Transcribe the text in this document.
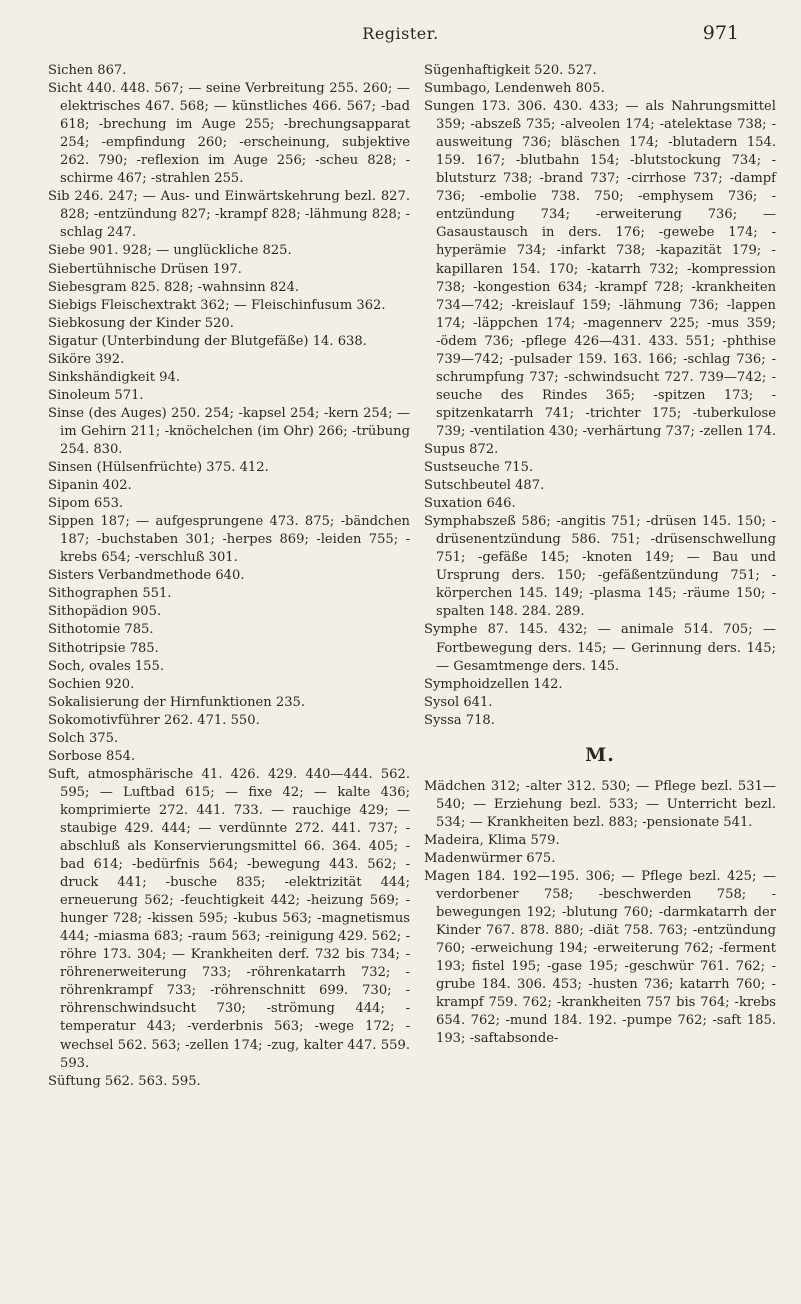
Register.	971

Sichen 867.

Sicht 440. 448. 567; — seine Verbreitung 255. 260; — elektrisches 467. 568; — künstliches 466. 567; -bad 618; -brechung im Auge 255; -brechungsapparat 254; -empfindung 260; -erscheinung, subjektive 262. 790; -reflexion im Auge 256; -scheu 828; -schirme 467; -strahlen 255.

Sib 246. 247; — Aus- und Einwärtskehrung bezl. 827. 828; -entzündung 827; -krampf 828; -lähmung 828; -schlag 247.

Siebe 901. 928; — unglückliche 825.

Siebertühnische Drüsen 197.

Siebesgram 825. 828; -wahnsinn 824.

Siebigs Fleischextrakt 362; — Fleischinfusum 362.

Siebkosung der Kinder 520.

Sigatur (Unterbindung der Blutgefäße) 14. 638.

Siköre 392.

Sinkshändigkeit 94.

Sinoleum 571.

Sinse (des Auges) 250. 254; -kapsel 254; -kern 254; — im Gehirn 211; -knöchelchen (im Ohr) 266; -trübung 254. 830.

Sinsen (Hülsenfrüchte) 375. 412.

Sipanin 402.

Sipom 653.

Sippen 187; — aufgesprungene 473. 875; -bändchen 187; -buchstaben 301; -herpes 869; -leiden 755; -krebs 654; -verschluß 301.

Sisters Verbandmethode 640.

Sithographen 551.

Sithopädion 905.

Sithotomie 785.

Sithotripsie 785.

Soch, ovales 155.

Sochien 920.

Sokalisierung der Hirnfunktionen 235.

Sokomotivführer 262. 471. 550.

Solch 375.

Sorbose 854.

Suft, atmosphärische 41. 426. 429. 440—444. 562. 595; — Luftbad 615; — fixe 42; — kalte 436; komprimierte 272. 441. 733. — rauchige 429; — staubige 429. 444; — verdünnte 272. 441. 737; -abschluß als Konservierungsmittel 66. 364. 405; -bad 614; -bedürfnis 564; -bewegung 443. 562; -druck 441; -busche 835; -elektrizität 444; erneuerung 562; -feuchtigkeit 442; -heizung 569; -hunger 728; -kissen 595; -kubus 563; -magnetismus 444; -miasma 683; -raum 563; -reinigung 429. 562; -röhre 173. 304; — Krankheiten derf. 732 bis 734; -röhrenerweiterung 733; -röhrenkatarrh 732; -röhrenkrampf 733; -röhrenschnitt 699. 730; -röhrenschwindsucht 730; -strömung 444; -temperatur 443; -verderbnis 563; -wege 172; -wechsel 562. 563; -zellen 174; -zug, kalter 447. 559. 593.

Süftung 562. 563. 595.

Sügenhaftigkeit 520. 527.

Sumbago, Lendenweh 805.

Sungen 173. 306. 430. 433; — als Nahrungsmittel 359; -abszeß 735; -alveolen 174; -atelektase 738; -ausweitung 736; bläschen 174; -blutadern 154. 159. 167; -blutbahn 154; -blutstockung 734; -blutsturz 738; -brand 737; -cirrhose 737; -dampf 736; -embolie 738. 750; -emphysem 736; -entzündung 734; -erweiterung 736; — Gasaustausch in ders. 176; -gewebe 174; -hyperämie 734; -infarkt 738; -kapazität 179; -kapillaren 154. 170; -katarrh 732; -kompression 738; -kongestion 634; -krampf 728; -krankheiten 734—742; -kreislauf 159; -lähmung 736; -lappen 174; -läppchen 174; -magennerv 225; -mus 359; -ödem 736; -pflege 426—431. 433. 551; -phthise 739—742; -pulsader 159. 163. 166; -schlag 736; -schrumpfung 737; -schwindsucht 727. 739—742; -seuche des Rindes 365; -spitzen 173; -spitzenkatarrh 741; -trichter 175; -tuberkulose 739; -ventilation 430; -verhärtung 737; -zellen 174.

Supus 872.

Sustseuche 715.

Sutschbeutel 487.

Suxation 646.

Symphabszeß 586; -angitis 751; -drüsen 145. 150; -drüsenentzündung 586. 751; -drüsenschwellung 751; -gefäße 145; -knoten 149; — Bau und Ursprung ders. 150; -gefäßentzündung 751; -körperchen 145. 149; -plasma 145; -räume 150; -spalten 148. 284. 289.

Symphe 87. 145. 432; — animale 514. 705; — Fortbewegung ders. 145; — Gerinnung ders. 145; — Gesamtmenge ders. 145.

Symphoidzellen 142.

Sysol 641.

Syssa 718.

M.

Mädchen 312; -alter 312. 530; — Pflege bezl. 531—540; — Erziehung bezl. 533; — Unterricht bezl. 534; — Krankheiten bezl. 883; -pensionate 541.

Madeira, Klima 579.

Madenwürmer 675.

Magen 184. 192—195. 306; — Pflege bezl. 425; — verdorbener 758; -beschwerden 758; -bewegungen 192; -blutung 760; -darmkatarrh der Kinder 767. 878. 880; -diät 758. 763; -entzündung 760; -erweichung 194; -erweiterung 762; -ferment 193; fistel 195; -gase 195; -geschwür 761. 762; -grube 184. 306. 453; -husten 736; katarrh 760; -krampf 759. 762; -krankheiten 757 bis 764; -krebs 654. 762; -mund 184. 192. -pumpe 762; -saft 185. 193; -saftabsonde-
